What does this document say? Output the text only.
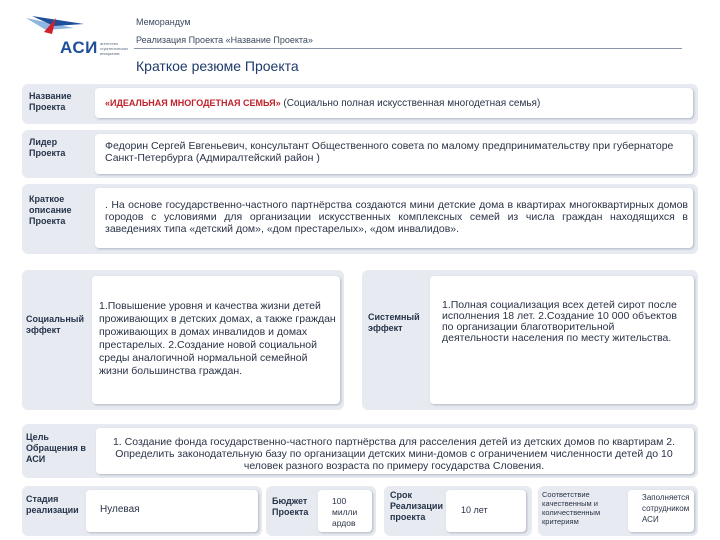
АСИ агентство стратегических инициатив
Меморандум
Реализация Проекта «Название Проекта»
Краткое резюме Проекта
Название Проекта	«ИДЕАЛЬНАЯ МНОГОДЕТНАЯ СЕМЬЯ» (Социально полная искусственная многодетная семья)
Лидер Проекта
Федорин Сергей Евгеньевич, консультант Общественного совета по малому предпринимательству при губернаторе Санкт-Петербурга (Адмиралтейский район )
Краткое описание Проекта
. На основе государственно-частного партнёрства создаются мини детские дома в квартирах многоквартирных домов городов с условиями для организации искусственных комплексных семей из числа граждан находящихся в заведениях типа «детский дом», «дом престарелых», «дом инвалидов».
Социальный эффект
1.Повышение уровня и качества жизни детей проживающих в детских домах, а также граждан проживающих в домах инвалидов и домах престарелых. 2.Создание новой социальной среды аналогичной нормальной семейной жизни большинства граждан.
Системный эффект
1.Полная социализация всех детей сирот после исполнения 18 лет. 2.Создание 10 000 объектов по организации благотворительной деятельности населения по месту жительства.
Цель Обращения в АСИ
1. Создание фонда государственно-частного партнёрства для расселения детей из детских домов по квартирам 2. Определить законодательную базу по организации детских мини-домов с ограничением численности детей до 10 человек разного возраста по примеру государства Словения.
Стадия реализации	Нулевая
Бюджет Проекта
100 милли ардов
Срок Реализации проекта
10 лет
Соответствие качественным и количественным критериям
Заполняется сотрудником АСИ
